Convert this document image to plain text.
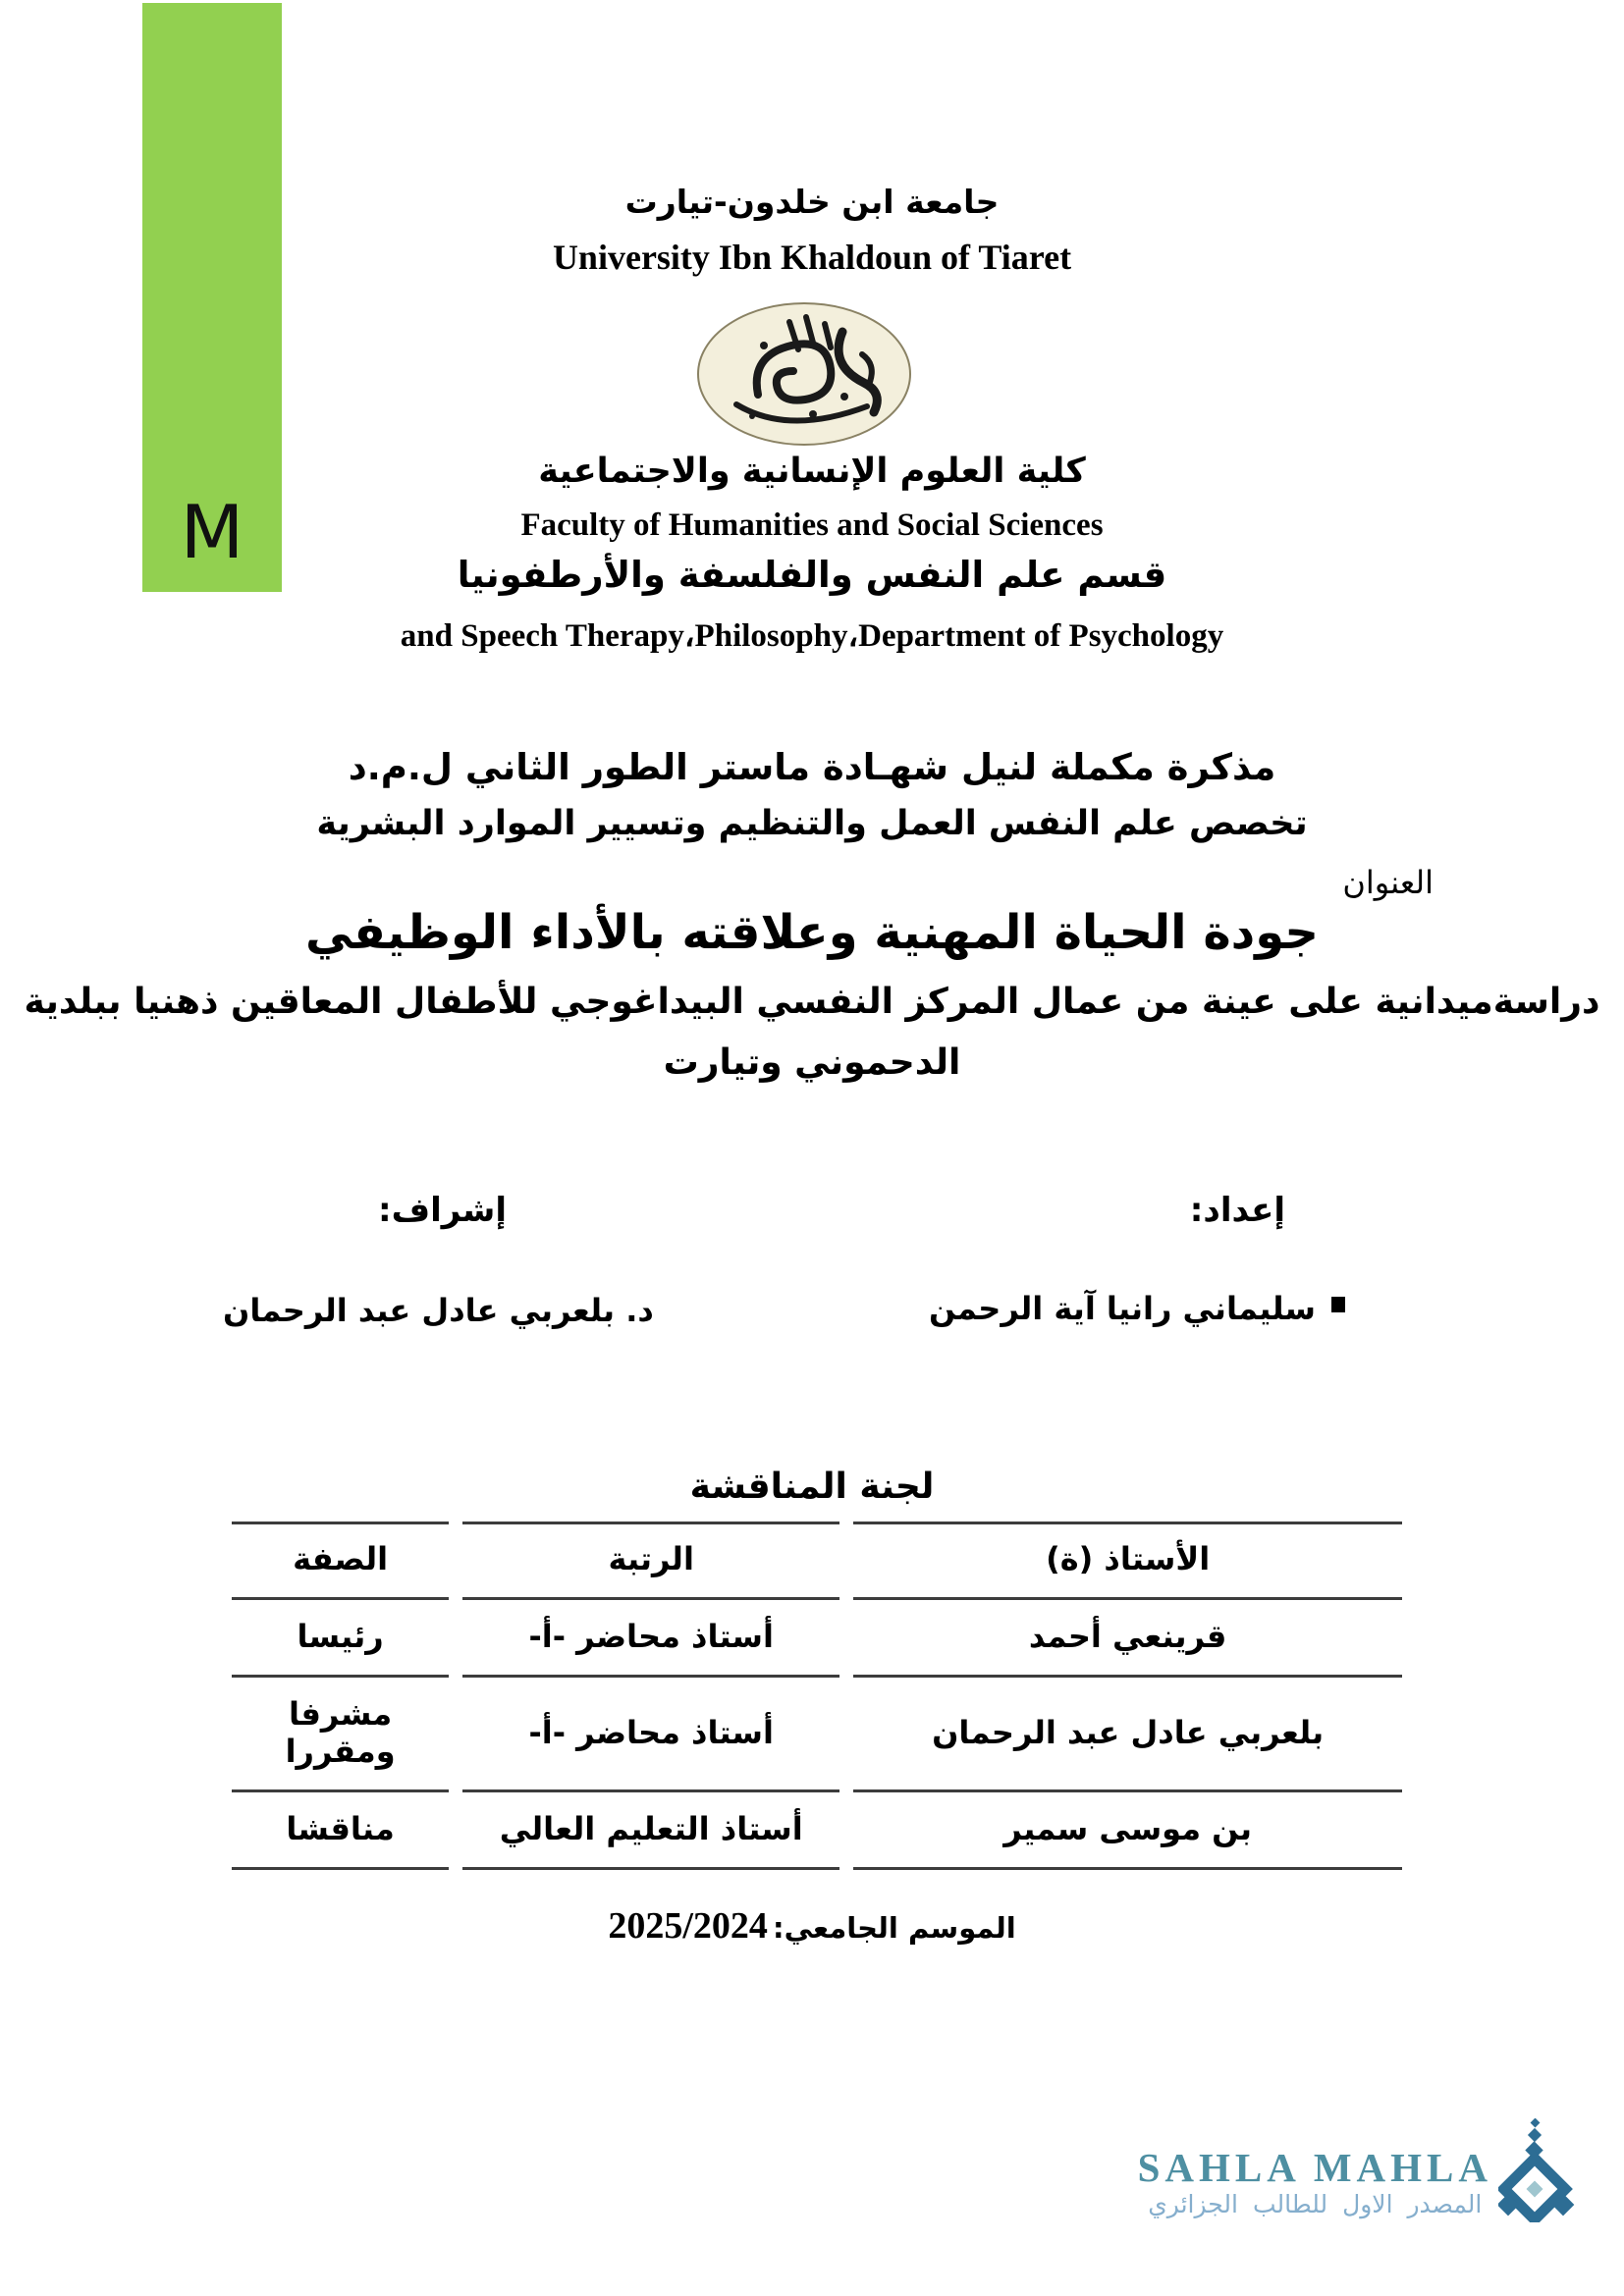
M
جامعة ابن خلدون-تيارت
University Ibn Khaldoun of Tiaret
كلية العلوم الإنسانية والاجتماعية
Faculty of Humanities and Social Sciences
قسم علم النفس والفلسفة والأرطفونيا
and Speech Therapy،Philosophy،Department of Psychology
مذكرة مكملة لنيل شهـادة ماستر الطور الثاني ل.م.د
تخصص علم النفس العمل والتنظيم وتسيير الموارد البشرية
العنوان
جودة الحياة المهنية وعلاقته بالأداء الوظيفي
دراسةميدانية على عينة من عمال المركز النفسي البيداغوجي للأطفال المعاقين ذهنيا ببلدية
الدحموني وتيارت
إعداد:
إشراف:
سليماني رانيا آية الرحمن
د. بلعربي عادل عبد الرحمان
لجنة المناقشة
الأستاذ (ة)	الرتبة	الصفة
قرينعي أحمد	أستاذ محاضر -أ-	رئيسا
بلعربي عادل عبد الرحمان	أستاذ محاضر -أ-	مشرفا ومقررا
بن موسى سمير	أستاذ التعليم العالي	مناقشا
الموسم الجامعي: 2025/2024
SAHLA MAHLA
المصدر الاول للطالب الجزائري
